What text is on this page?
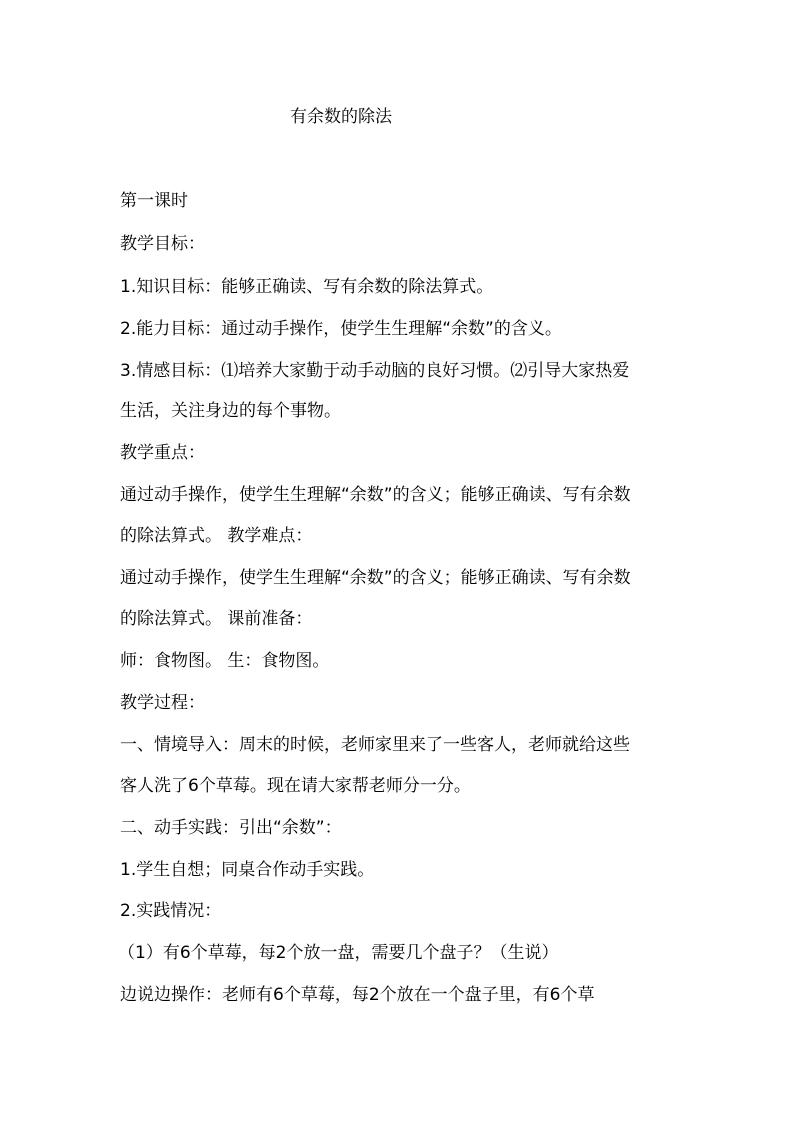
有余数的除法
第一课时
教学目标：
1.知识目标：能够正确读、写有余数的除法算式。
2.能力目标：通过动手操作，使学生生理解“余数”的含义。
3.情感目标：⑴培养大家勤于动手动脑的良好习惯。⑵引导大家热爱
生活，关注身边的每个事物。
教学重点：
通过动手操作，使学生生理解“余数”的含义；能够正确读、写有余数
的除法算式。 教学难点：
通过动手操作，使学生生理解“余数”的含义；能够正确读、写有余数
的除法算式。 课前准备：
师：食物图。 生：食物图。
教学过程：
一、情境导入：周末的时候，老师家里来了一些客人，老师就给这些
客人洗了6个草莓。现在请大家帮老师分一分。
二、动手实践：引出“余数”：
1.学生自想；同桌合作动手实践。
2.实践情况：
（1）有6个草莓，每2个放一盘，需要几个盘子？（生说）
边说边操作：老师有6个草莓，每2个放在一个盘子里，有6个草
